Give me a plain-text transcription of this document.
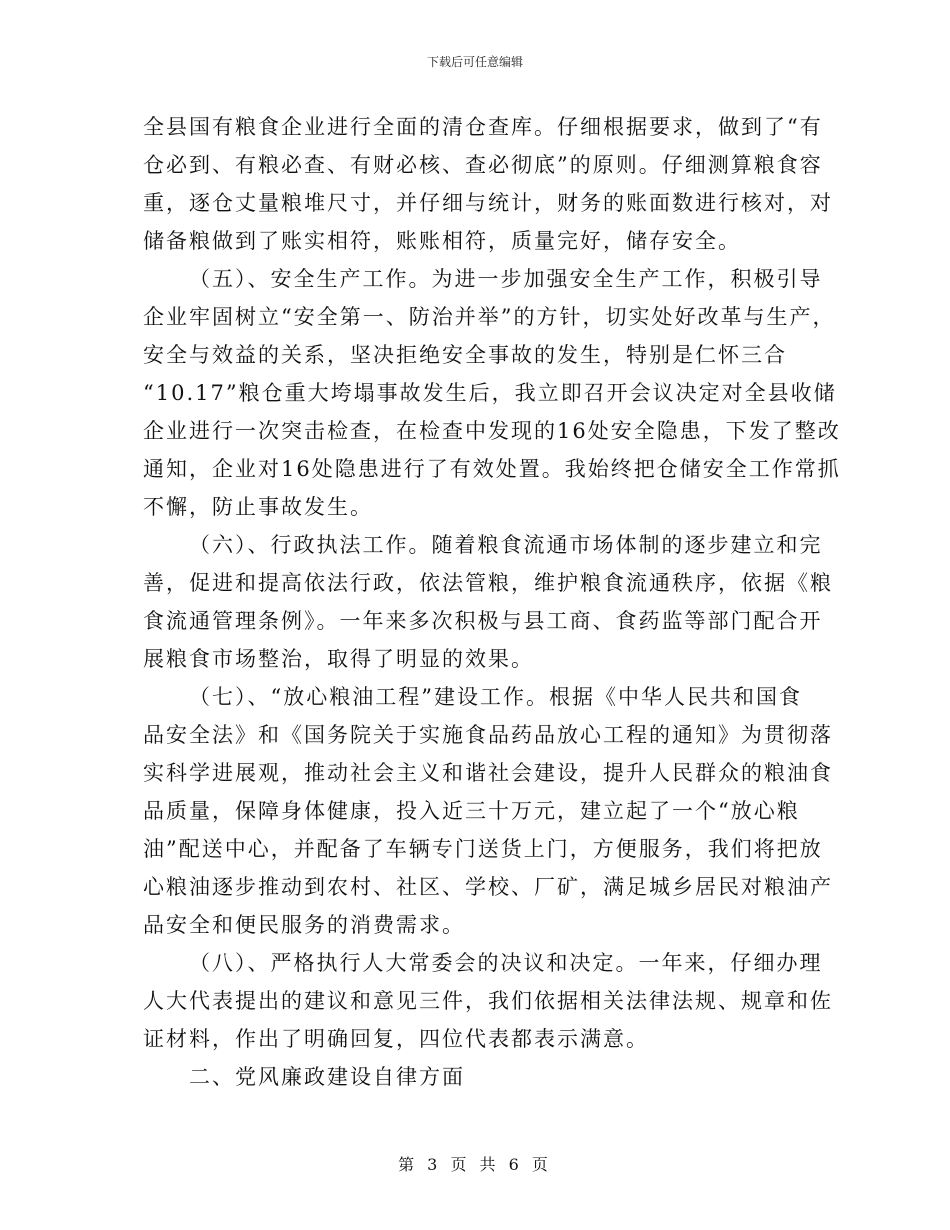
下载后可任意编辑
全县国有粮食企业进行全面的清仓查库。仔细根据要求，做到了“有
仓必到、有粮必查、有财必核、查必彻底”的原则。仔细测算粮食容
重，逐仓丈量粮堆尺寸，并仔细与统计，财务的账面数进行核对，对
储备粮做到了账实相符，账账相符，质量完好，储存安全。
（五）、安全生产工作。为进一步加强安全生产工作，积极引导
企业牢固树立“安全第一、防治并举”的方针，切实处好改革与生产，
安全与效益的关系，坚决拒绝安全事故的发生，特别是仁怀三合
“10.17”粮仓重大垮塌事故发生后，我立即召开会议决定对全县收储
企业进行一次突击检查，在检查中发现的16处安全隐患，下发了整改
通知，企业对16处隐患进行了有效处置。我始终把仓储安全工作常抓
不懈，防止事故发生。
（六）、行政执法工作。随着粮食流通市场体制的逐步建立和完
善，促进和提高依法行政，依法管粮，维护粮食流通秩序，依据《粮
食流通管理条例》。一年来多次积极与县工商、食药监等部门配合开
展粮食市场整治，取得了明显的效果。
（七）、“放心粮油工程”建设工作。根据《中华人民共和国食
品安全法》和《国务院关于实施食品药品放心工程的通知》为贯彻落
实科学进展观，推动社会主义和谐社会建设，提升人民群众的粮油食
品质量，保障身体健康，投入近三十万元，建立起了一个“放心粮
油”配送中心，并配备了车辆专门送货上门，方便服务，我们将把放
心粮油逐步推动到农村、社区、学校、厂矿，满足城乡居民对粮油产
品安全和便民服务的消费需求。
（八）、严格执行人大常委会的决议和决定。一年来，仔细办理
人大代表提出的建议和意见三件，我们依据相关法律法规、规章和佐
证材料，作出了明确回复，四位代表都表示满意。
二、党风廉政建设自律方面
第 3 页 共 6 页
